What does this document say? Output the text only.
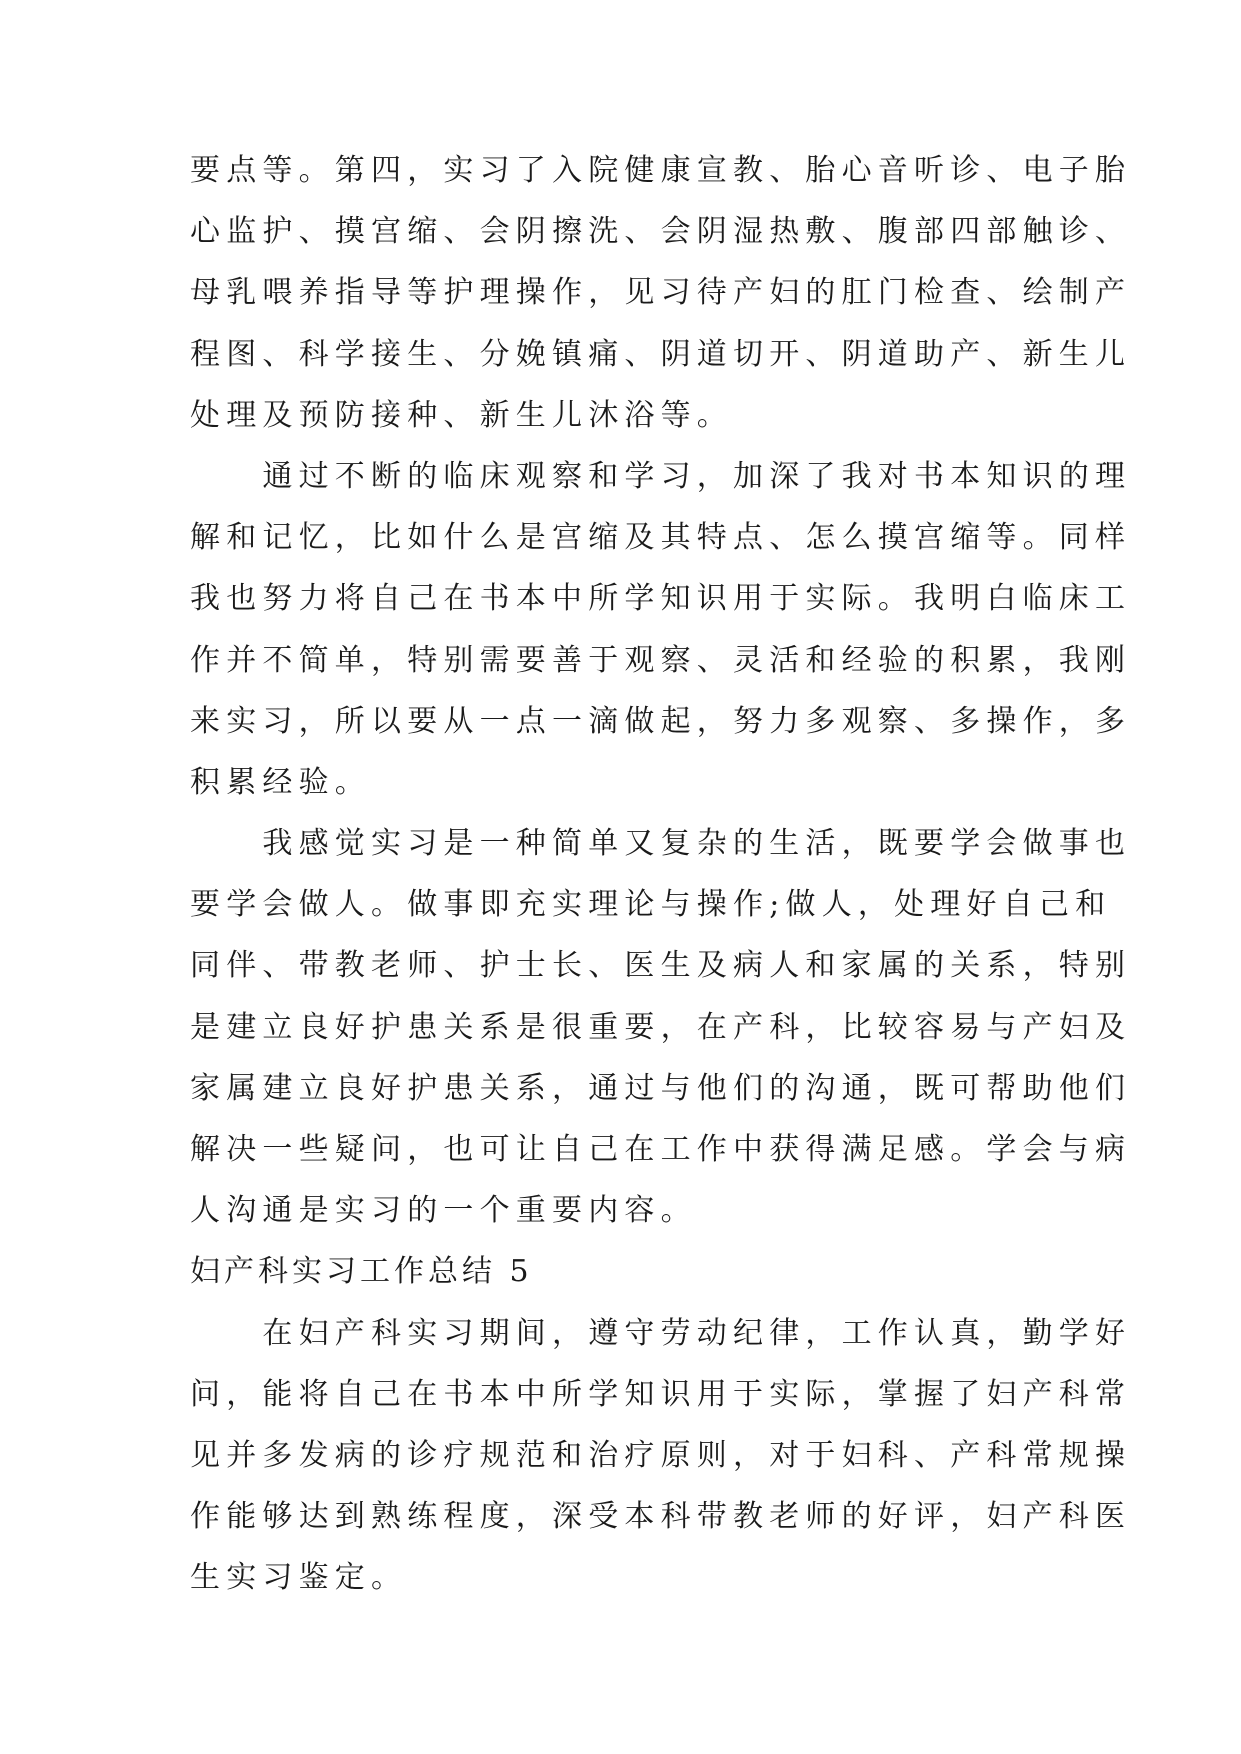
要点等。第四，实习了入院健康宣教、胎心音听诊、电子胎
心监护、摸宫缩、会阴擦洗、会阴湿热敷、腹部四部触诊、
母乳喂养指导等护理操作，见习待产妇的肛门检查、绘制产
程图、科学接生、分娩镇痛、阴道切开、阴道助产、新生儿
处理及预防接种、新生儿沐浴等。
　　通过不断的临床观察和学习，加深了我对书本知识的理
解和记忆，比如什么是宫缩及其特点、怎么摸宫缩等。同样
我也努力将自己在书本中所学知识用于实际。我明白临床工
作并不简单，特别需要善于观察、灵活和经验的积累，我刚
来实习，所以要从一点一滴做起，努力多观察、多操作，多
积累经验。
　　我感觉实习是一种简单又复杂的生活，既要学会做事也
要学会做人。做事即充实理论与操作;做人，处理好自己和
同伴、带教老师、护士长、医生及病人和家属的关系，特别
是建立良好护患关系是很重要，在产科，比较容易与产妇及
家属建立良好护患关系，通过与他们的沟通，既可帮助他们
解决一些疑问，也可让自己在工作中获得满足感。学会与病
人沟通是实习的一个重要内容。
妇产科实习工作总结 5
　　在妇产科实习期间，遵守劳动纪律，工作认真，勤学好
问，能将自己在书本中所学知识用于实际，掌握了妇产科常
见并多发病的诊疗规范和治疗原则，对于妇科、产科常规操
作能够达到熟练程度，深受本科带教老师的好评，妇产科医
生实习鉴定。
